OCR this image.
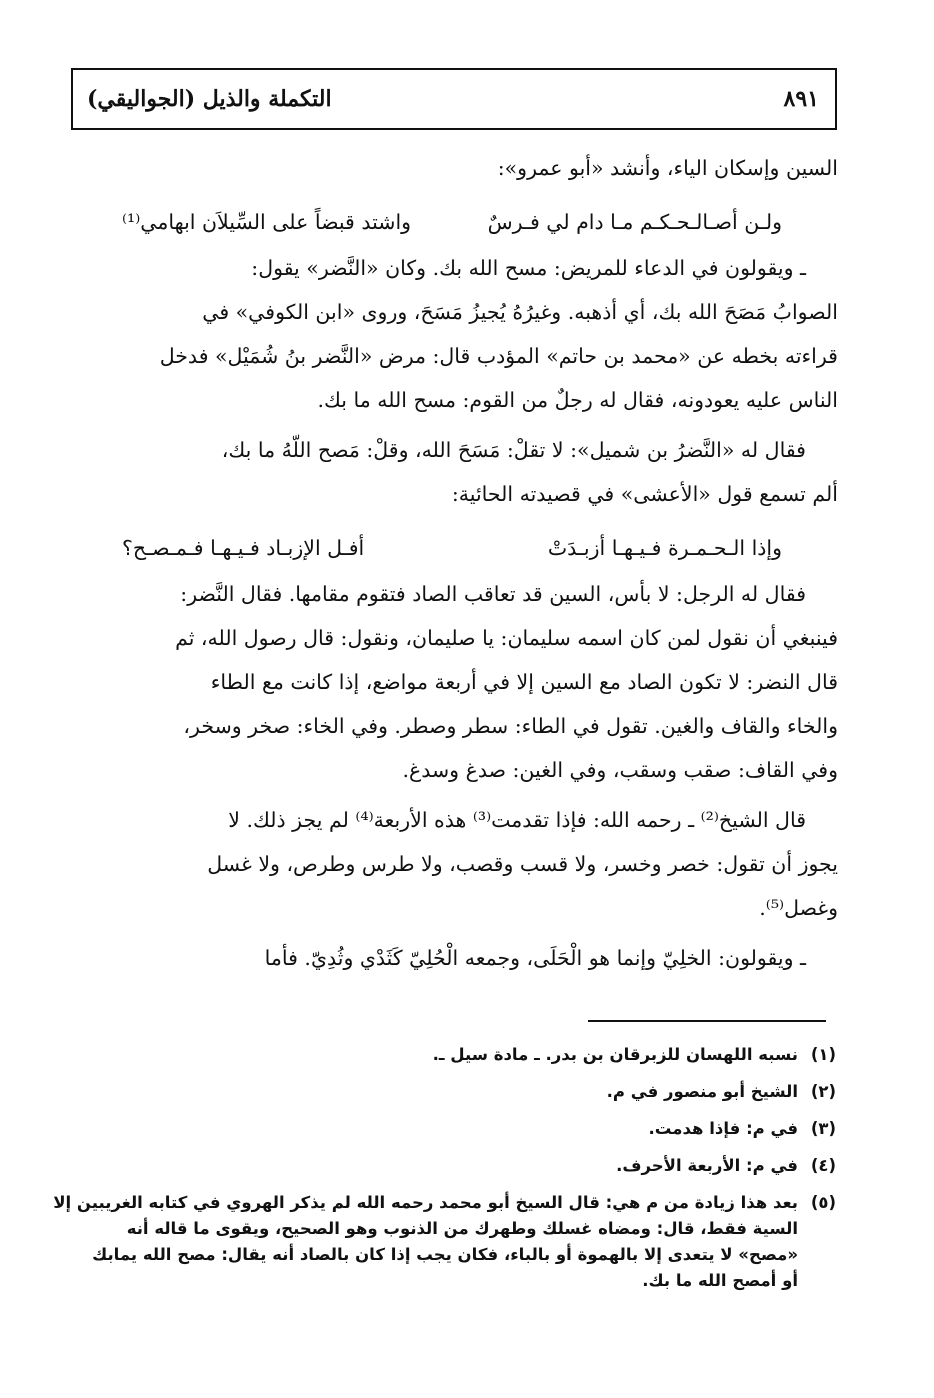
التكملة والذيل (الجواليقي)	٨٩١

السين وإسكان الياء، وأنشد «أبو عمرو»:

ولـن أصـالـحـكـم مـا دام لي فـرسٌ
واشتد قبضاً على السِّيلاَن ابهامي⁽¹⁾

ـ ويقولون في الدعاء للمريض: مسح الله بك. وكان «النَّضر» يقول:
الصوابُ مَصَحَ الله بك، أي أذهبه. وغيرُهُ يُجيزُ مَسَحَ، وروى «ابن الكوفي» في
قراءته بخطه عن «محمد بن حاتم» المؤدب قال: مرض «النَّضر بنُ شُمَيْل» فدخل
الناس عليه يعودونه، فقال له رجلٌ من القوم: مسح الله ما بك.

فقال له «النَّضرُ بن شميل»: لا تقلْ: مَسَحَ الله، وقلْ: مَصح اللّهُ ما بك،
ألم تسمع قول «الأعشى» في قصيدته الحائية:

وإذا الـحـمـرة فـيـهـا أزبـدَتْ
أفـل الإزبـاد فـيـهـا فـمـصـح؟

فقال له الرجل: لا بأس، السين قد تعاقب الصاد فتقوم مقامها. فقال النَّضر:
فينبغي أن نقول لمن كان اسمه سليمان: يا صليمان، ونقول: قال رصول الله، ثم
قال النضر: لا تكون الصاد مع السين إلا في أربعة مواضع، إذا كانت مع الطاء
والخاء والقاف والغين. تقول في الطاء: سطر وصطر. وفي الخاء: صخر وسخر،
وفي القاف: صقب وسقب، وفي الغين: صدغ وسدغ.

قال الشيخ⁽²⁾ ـ رحمه الله: فإذا تقدمت⁽³⁾ هذه الأربعة⁽⁴⁾ لم يجز ذلك. لا
يجوز أن تقول: خصر وخسر، ولا قسب وقصب، ولا طرس وطرص، ولا غسل
وغصل⁽⁵⁾.

ـ ويقولون: الخلِيّ وإنما هو الْحَلَى، وجمعه الْحُلِيّ كَثَدْي وثُدِيّ. فأما

(١)
نسبه اللهسان للزبرقان بن بدر. ـ مادة سيل ـ.
(٢)
الشيخ أبو منصور في م.
(٣)
في م: فإذا هدمت.
(٤)
في م: الأربعة الأحرف.
(٥)
بعد هذا زيادة من م هي: قال السيخ أبو محمد رحمه الله لم يذكر الهروي في كتابه الغريبين إلا
السية فقط، قال: ومضاه غسلك وطهرك من الذنوب وهو الصحيح، ويقوى ما قاله أنه
«مصح» لا يتعدى إلا بالهموة أو بالباء، فكان يجب إذا كان بالصاد أنه يقال: مصح الله يمابك
أو أمصح الله ما بك.
